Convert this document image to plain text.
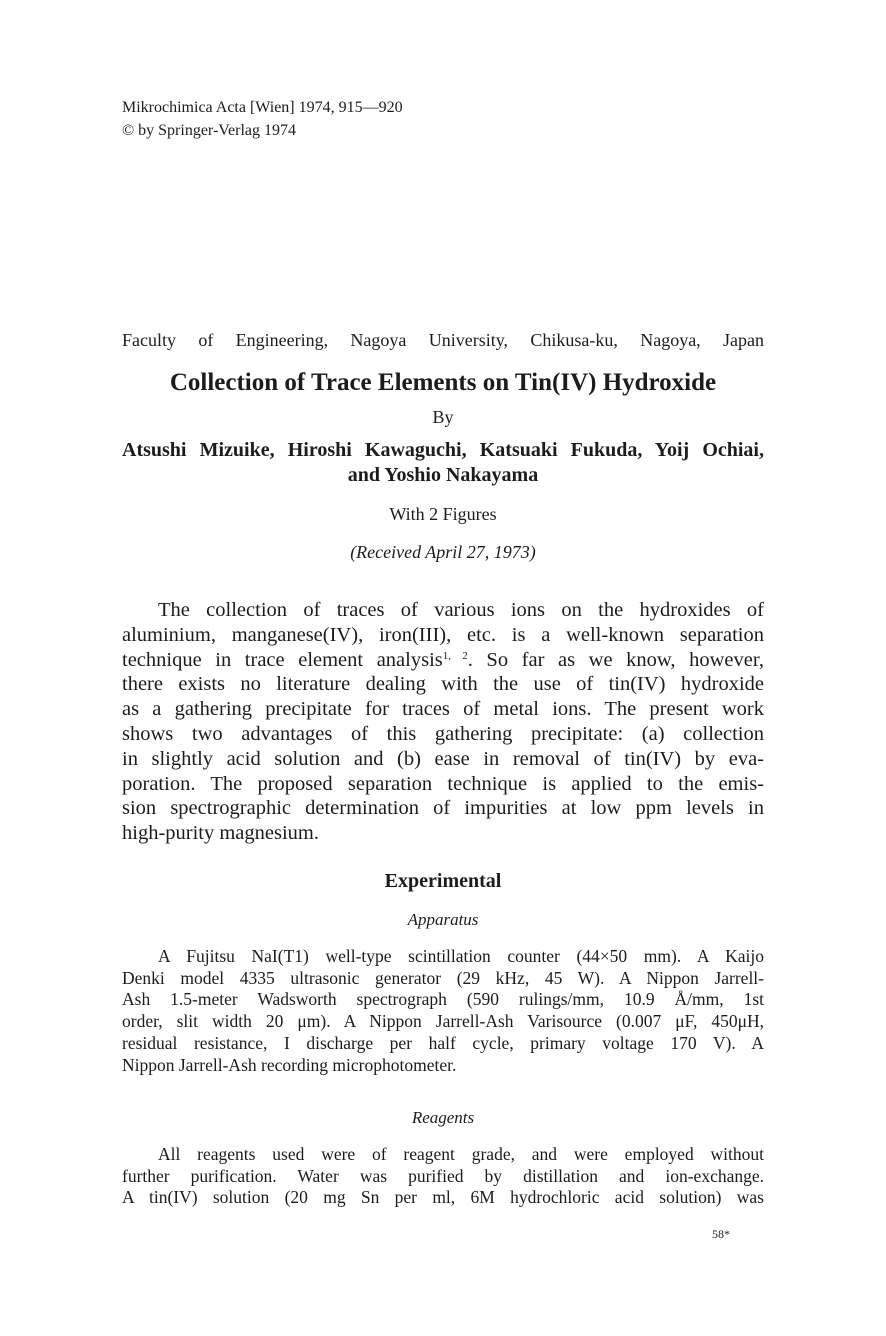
Mikrochimica Acta [Wien] 1974, 915—920
© by Springer-Verlag 1974
Faculty of Engineering, Nagoya University, Chikusa-ku, Nagoya, Japan
Collection of Trace Elements on Tin(IV) Hydroxide
By
Atsushi Mizuike, Hiroshi Kawaguchi, Katsuaki Fukuda, Yoij Ochiai,
and Yoshio Nakayama
With 2 Figures
(Received April 27, 1973)
The collection of traces of various ions on the hydroxides of
aluminium, manganese(IV), iron(III), etc. is a well-known separation
technique in trace element analysis$^{1, 2}$. So far as we know, however,
there exists no literature dealing with the use of tin(IV) hydroxide
as a gathering precipitate for traces of metal ions. The present work
shows two advantages of this gathering precipitate: (a) collection
in slightly acid solution and (b) ease in removal of tin(IV) by eva-
poration. The proposed separation technique is applied to the emis-
sion spectrographic determination of impurities at low ppm levels in
high-purity magnesium.
Experimental
Apparatus
A Fujitsu NaI(T1) well-type scintillation counter (44×50 mm). A Kaijo
Denki model 4335 ultrasonic generator (29 kHz, 45 W). A Nippon Jarrell-
Ash 1.5-meter Wadsworth spectrograph (590 rulings/mm, 10.9 Å/mm, 1st
order, slit width 20 μm). A Nippon Jarrell-Ash Varisource (0.007 μF, 450μH,
residual resistance, I discharge per half cycle, primary voltage 170 V). A
Nippon Jarrell-Ash recording microphotometer.
Reagents
All reagents used were of reagent grade, and were employed without
further purification. Water was purified by distillation and ion-exchange.
A tin(IV) solution (20 mg Sn per ml, 6M hydrochloric acid solution) was
58*
